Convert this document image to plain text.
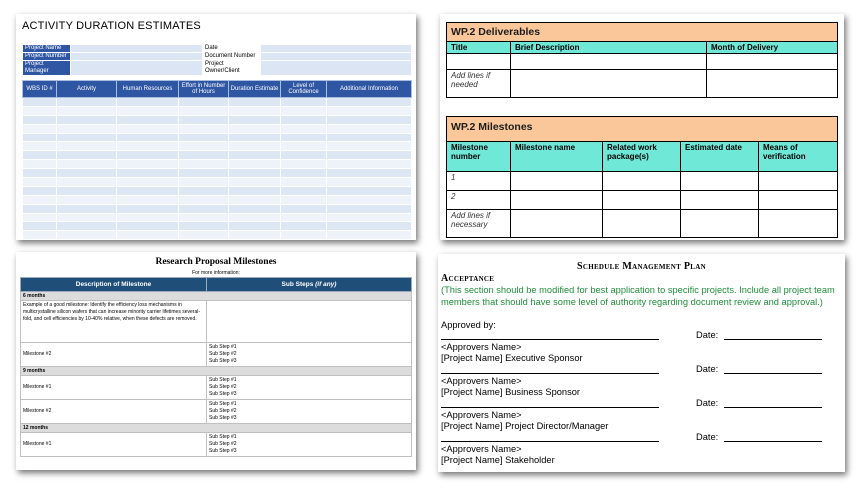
ACTIVITY DURATION ESTIMATES
Project Name		Date	
Project Number		Document Number	
Project Manager		Project Owner/Client	
WBS ID #	Activity	Human Resources	Effort in Number of Hours	Duration Estimate	Level of Confidence	Additional Information

WP.2 Deliverables		
Title	Brief Description	Month of Delivery

Add lines if needed		
WP.2 Milestones				
Milestone number	Milestone name	Related work package(s)	Estimated date	Means of verification
1				
2				
Add lines if necessary				
Research Proposal Milestones
For more information:
Description of Milestone	Sub Steps (if any)
6 months	
Example of a good milestone: Identify the efficiency loss mechanisms in multicrystalline silicon wafers that can increase minority carrier lifetimes several-fold, and cell efficiencies by 10-40% relative, when these defects are removed.	
Milestone #2	Sub Step #1
Sub Step #2
Sub Step #3

9 months	
Milestone #1	Sub Step #1
Sub Step #2
Sub Step #3

Milestone #2	Sub Step #1
Sub Step #2
Sub Step #3

12 months	
Milestone #1	Sub Step #1
Sub Step #2
Sub Step #3
Schedule Management Plan
Acceptance
(This section should be modified for best application to specific projects. Include all project team members that should have some level of authority regarding document review and approval.)
Approved by:
Date:
<Approvers Name>
[Project Name] Executive Sponsor
Date:
<Approvers Name>
[Project Name] Business Sponsor
Date:
<Approvers Name>
[Project Name] Project Director/Manager
Date:
<Approvers Name>
[Project Name] Stakeholder
